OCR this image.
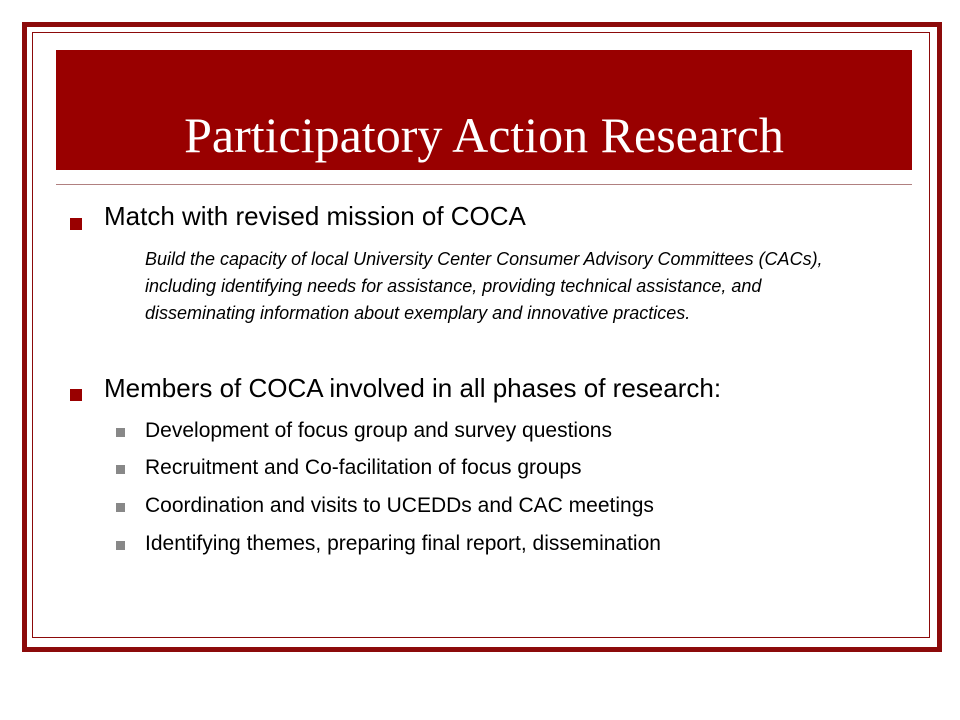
Participatory Action Research
Match with revised mission of COCA
Build the capacity of local University Center Consumer Advisory Committees (CACs), including identifying needs for assistance, providing technical assistance, and disseminating information about exemplary and innovative practices.
Members of COCA involved in all phases of research:
Development of focus group and survey questions
Recruitment and Co-facilitation of focus groups
Coordination and visits to UCEDDs and CAC meetings
Identifying themes, preparing final report, dissemination
